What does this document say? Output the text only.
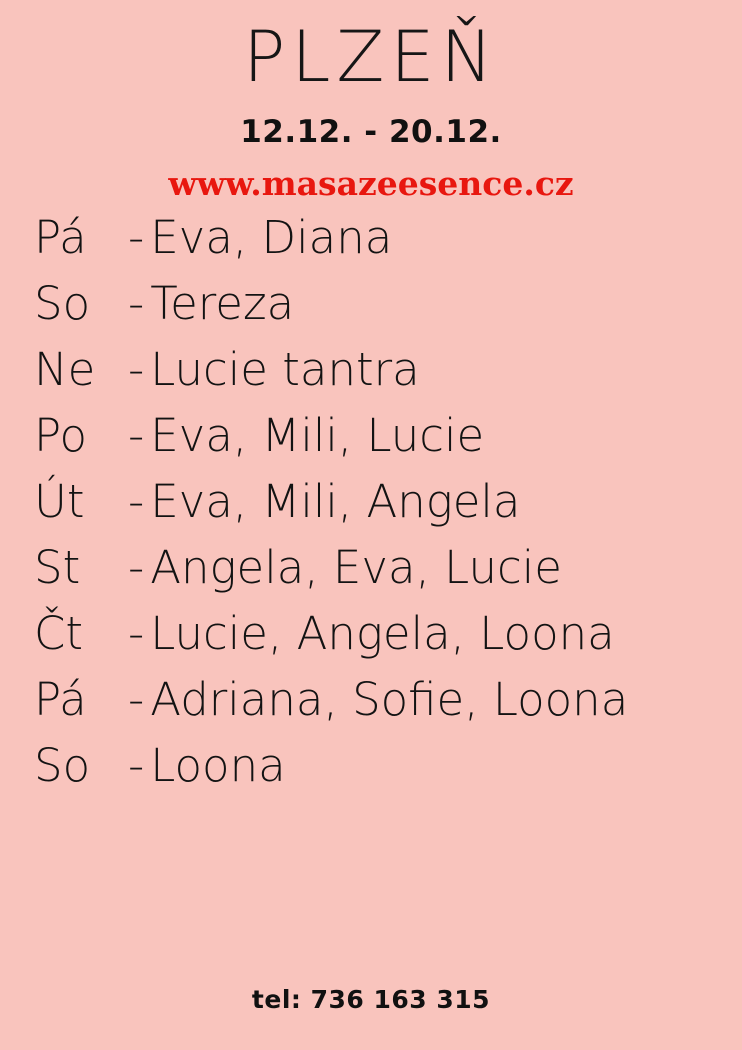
PLZEŇ
12.12. - 20.12.
www.masazeesence.cz
Pá - Eva, Diana
So - Tereza
Ne - Lucie tantra
Po - Eva, Mili, Lucie
Út - Eva, Mili, Angela
St	- Angela, Eva, Lucie
Čt - Lucie, Angela, Loona
Pá - Adriana, Sofie, Loona
So - Loona
tel: 736 163 315
